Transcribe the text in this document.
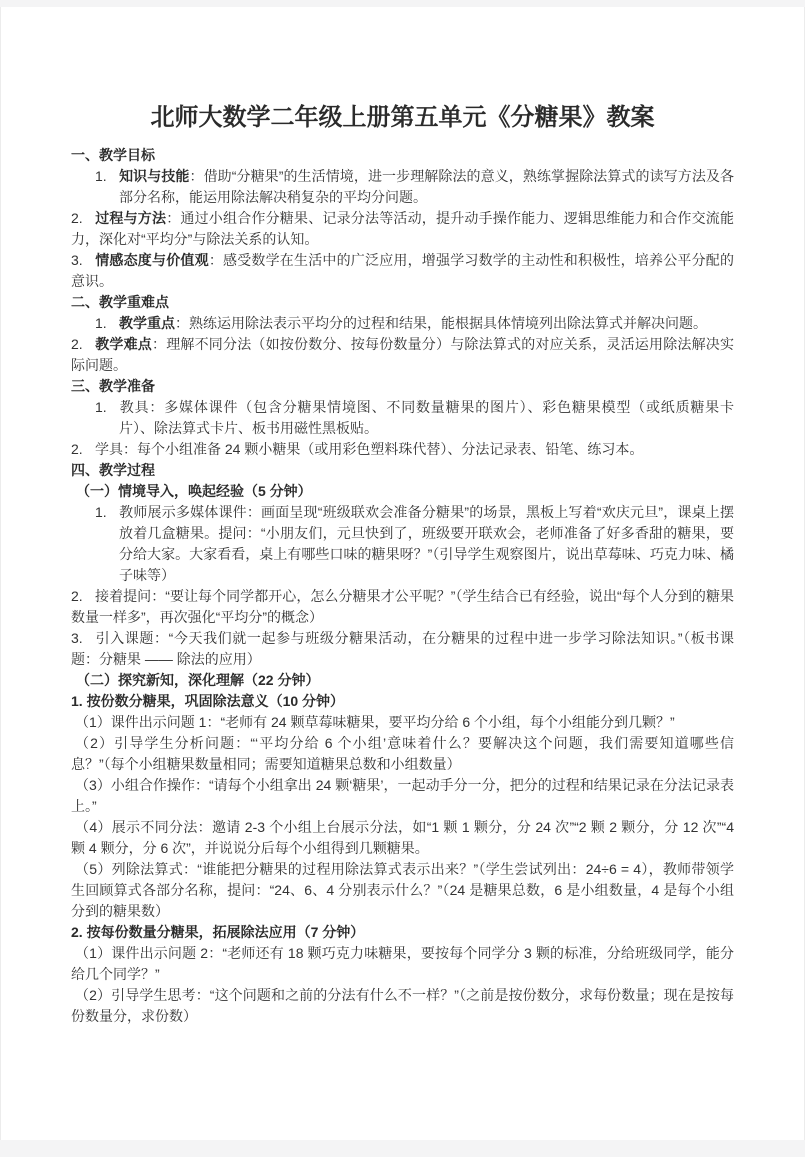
北师大数学二年级上册第五单元《分糖果》教案

一、教学目标

1. 知识与技能：借助“分糖果”的生活情境，进一步理解除法的意义，熟练掌握除法算式的读写方法及各部分名称，能运用除法解决稍复杂的平均分问题。

2. 过程与方法：通过小组合作分糖果、记录分法等活动，提升动手操作能力、逻辑思维能力和合作交流能力，深化对“平均分”与除法关系的认知。

3. 情感态度与价值观：感受数学在生活中的广泛应用，增强学习数学的主动性和积极性，培养公平分配的意识。

二、教学重难点

1. 教学重点：熟练运用除法表示平均分的过程和结果，能根据具体情境列出除法算式并解决问题。

2. 教学难点：理解不同分法（如按份数分、按每份数量分）与除法算式的对应关系，灵活运用除法解决实际问题。

三、教学准备

1. 教具：多媒体课件（包含分糖果情境图、不同数量糖果的图片）、彩色糖果模型（或纸质糖果卡片）、除法算式卡片、板书用磁性黑板贴。

2. 学具：每个小组准备 24 颗小糖果（或用彩色塑料珠代替）、分法记录表、铅笔、练习本。

四、教学过程

（一）情境导入，唤起经验（5 分钟）

1. 教师展示多媒体课件：画面呈现“班级联欢会准备分糖果”的场景，黑板上写着“欢庆元旦”，课桌上摆放着几盒糖果。提问：“小朋友们，元旦快到了，班级要开联欢会，老师准备了好多香甜的糖果，要分给大家。大家看看，桌上有哪些口味的糖果呀？”（引导学生观察图片，说出草莓味、巧克力味、橘子味等）

2. 接着提问：“要让每个同学都开心，怎么分糖果才公平呢？”（学生结合已有经验，说出“每个人分到的糖果数量一样多”，再次强化“平均分”的概念）

3. 引入课题：“今天我们就一起参与班级分糖果活动，在分糖果的过程中进一步学习除法知识。”（板书课题：分糖果 —— 除法的应用）

（二）探究新知，深化理解（22 分钟）

1. 按份数分糖果，巩固除法意义（10 分钟）

（1）课件出示问题 1：“老师有 24 颗草莓味糖果，要平均分给 6 个小组，每个小组能分到几颗？”

（2）引导学生分析问题：“‘平均分给 6 个小组’意味着什么？要解决这个问题，我们需要知道哪些信息？”（每个小组糖果数量相同；需要知道糖果总数和小组数量）

（3）小组合作操作：“请每个小组拿出 24 颗‘糖果’，一起动手分一分，把分的过程和结果记录在分法记录表上。”

（4）展示不同分法：邀请 2-3 个小组上台展示分法，如“1 颗 1 颗分，分 24 次”“2 颗 2 颗分，分 12 次”“4 颗 4 颗分，分 6 次”，并说说分后每个小组得到几颗糖果。

（5）列除法算式：“谁能把分糖果的过程用除法算式表示出来？”（学生尝试列出：24÷6 = 4），教师带领学生回顾算式各部分名称，提问：“24、6、4 分别表示什么？”（24 是糖果总数，6 是小组数量，4 是每个小组分到的糖果数）

2. 按每份数量分糖果，拓展除法应用（7 分钟）

（1）课件出示问题 2：“老师还有 18 颗巧克力味糖果，要按每个同学分 3 颗的标准，分给班级同学，能分给几个同学？”

（2）引导学生思考：“这个问题和之前的分法有什么不一样？”（之前是按份数分，求每份数量；现在是按每份数量分，求份数）
